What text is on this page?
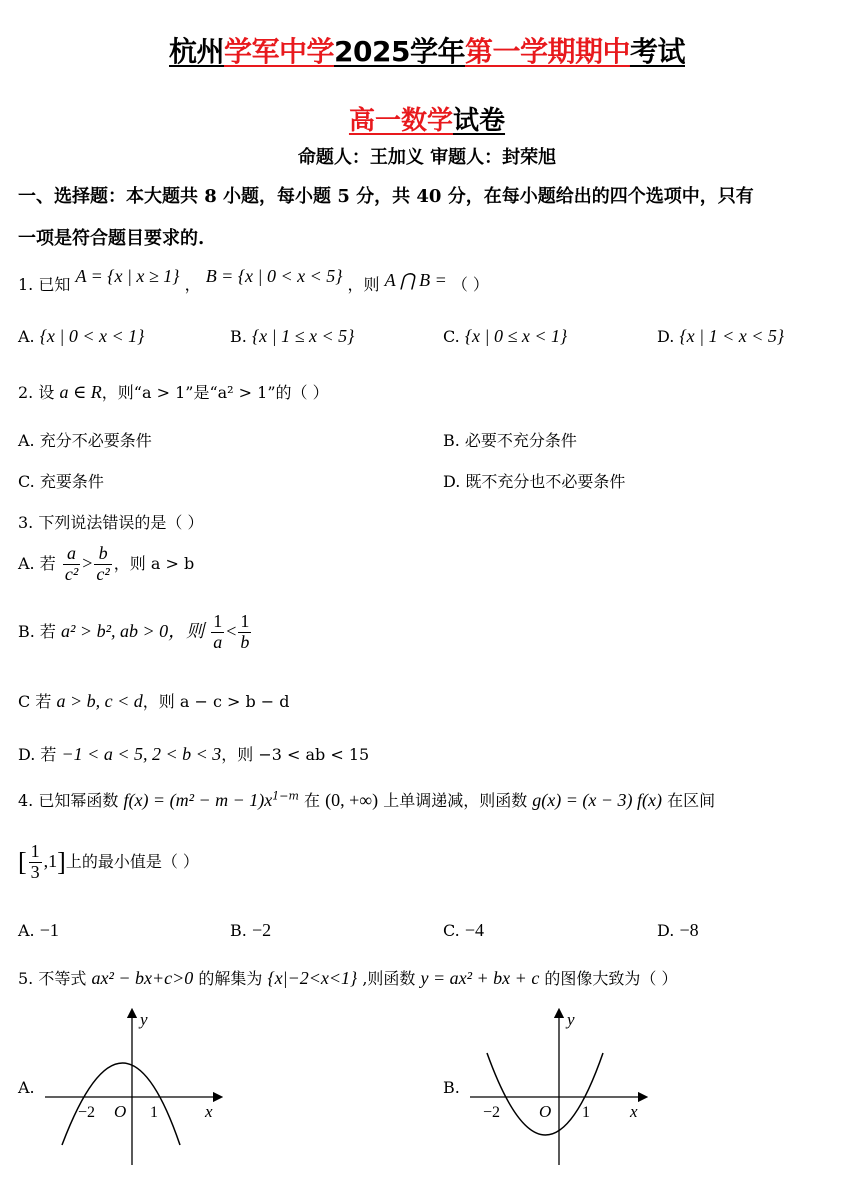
杭州学军中学2025学年第一学期期中考试
高一数学试卷
命题人：王加义 审题人：封荣旭
一、选择题：本大题共 8 小题，每小题 5 分，共 40 分，在每小题给出的四个选项中，只有
一项是符合题目要求的.
1. 已知 A = {x | x ≥ 1} ， B = {x | 0 < x < 5} ，则 A ⋂ B = （ ）
A. {x | 0 < x < 1}	B. {x | 1 ≤ x < 5}	C. {x | 0 ≤ x < 1}	D. {x | 1 < x < 5}
2. 设 a ∈ R，则“a > 1”是“a² > 1”的（ ）
A. 充分不必要条件	B. 必要不充分条件
C. 充要条件	D. 既不充分也不必要条件
3. 下列说法错误的是（ ）
A. 若 $\frac{a}{\text{c²}} > \frac{b}{\text{c²}}$ ，则 a > b
B. 若 a² > b², ab > 0，则 $\frac{1}{a} < \frac{1}{b}$
C 若 a > b, c < d，则 a − c > b − d
D. 若 −1 < a < 5, 2 < b < 3，则 −3 < ab < 15
4. 已知幂函数 $f(x) = (m^2 - m - 1)x^{1-m}$ 在 (0, +∞) 上单调递减，则函数 g(x) = (x − 3) f(x) 在区间
[ $\frac{1}{3} ,1$]上的最小值是（ ）
A. −1	B. −2	C. −4	D. −8
5. 不等式 ax² − bx+c>0 的解集为 {x|−2<x<1} ,则函数 y = ax² + bx + c 的图像大致为（ ）
A.	B.
y
x
O
−2	1
y
x
O
−2	1
